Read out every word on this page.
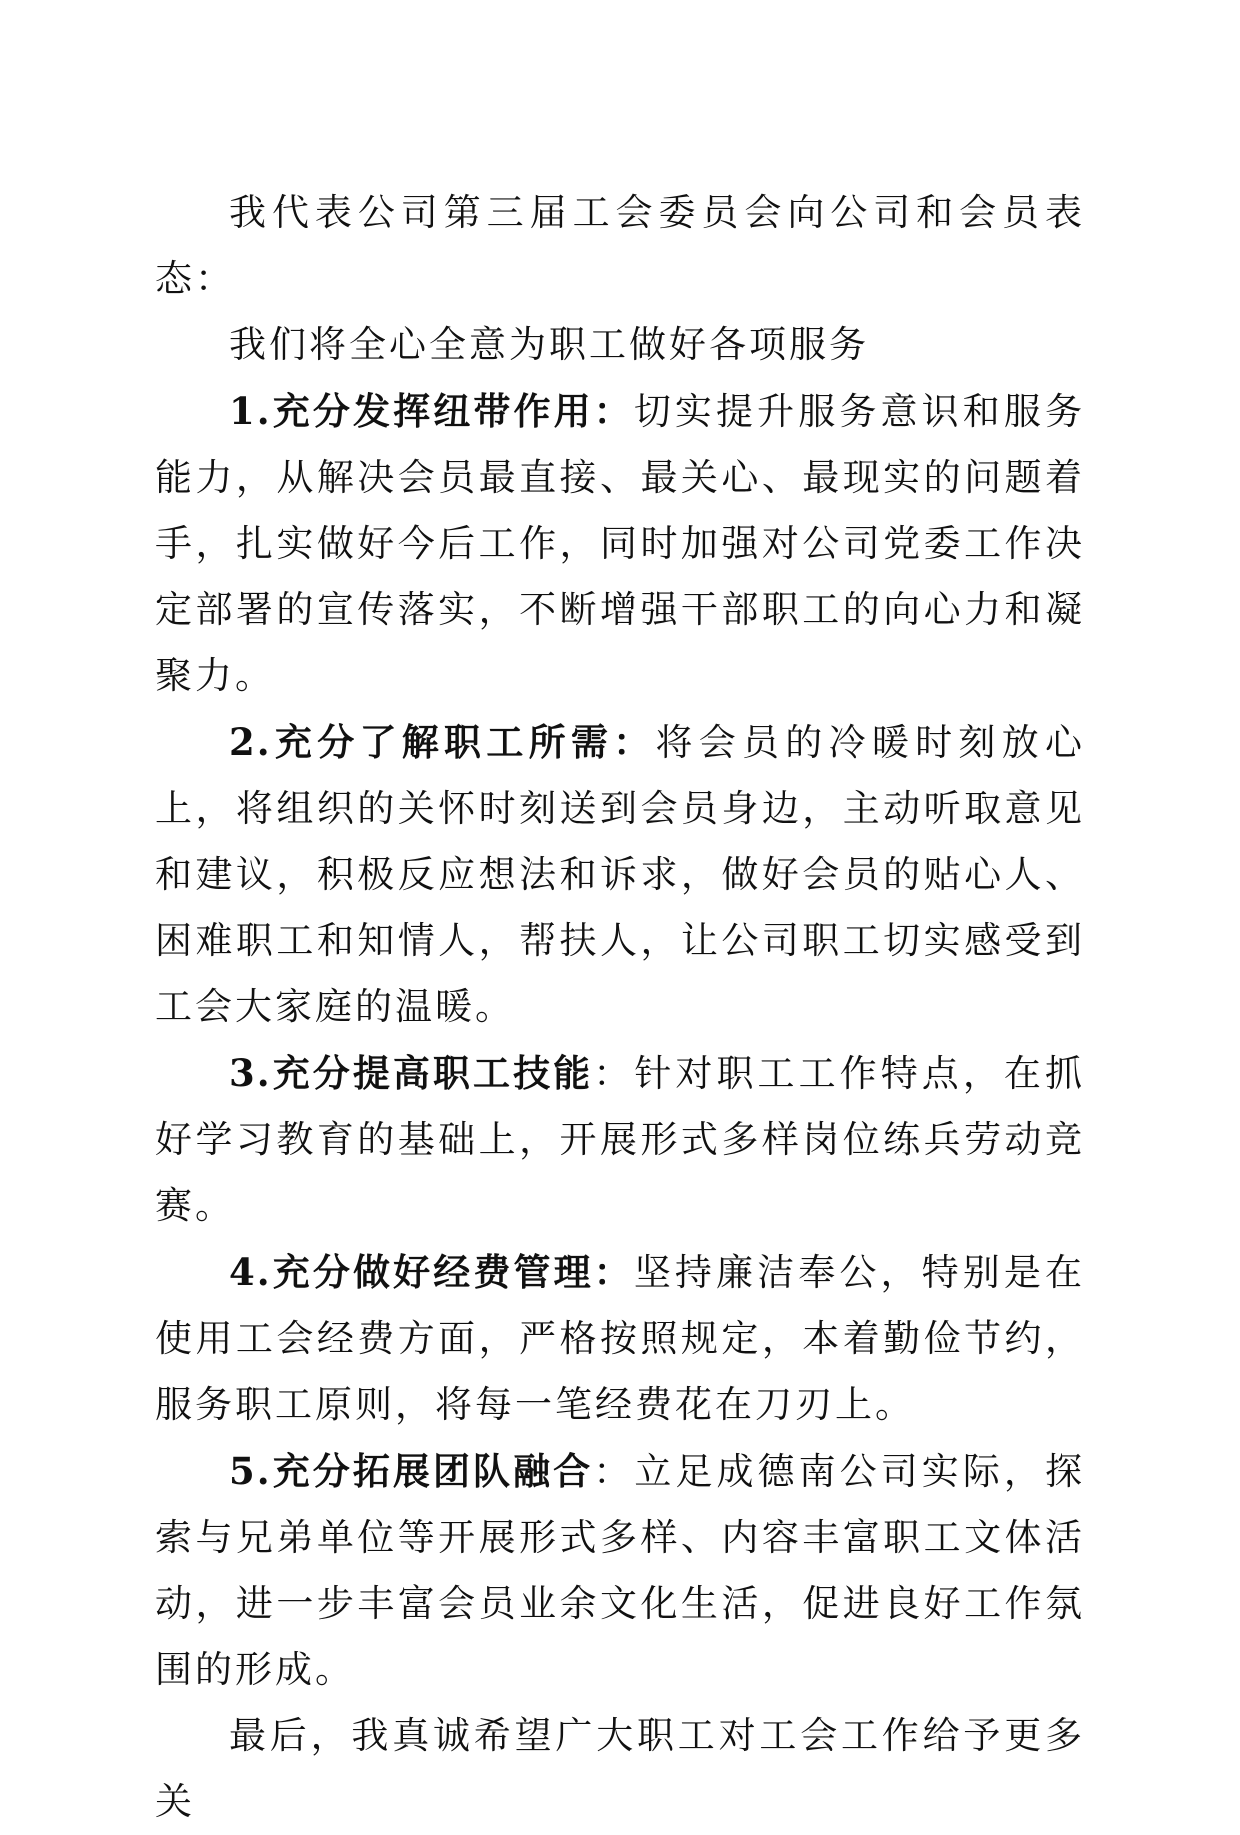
我代表公司第三届工会委员会向公司和会员表态：

我们将全心全意为职工做好各项服务

1.充分发挥纽带作用：切实提升服务意识和服务能力，从解决会员最直接、最关心、最现实的问题着手，扎实做好今后工作，同时加强对公司党委工作决定部署的宣传落实，不断增强干部职工的向心力和凝聚力。

2.充分了解职工所需：将会员的冷暖时刻放心上，将组织的关怀时刻送到会员身边，主动听取意见和建议，积极反应想法和诉求，做好会员的贴心人、困难职工和知情人，帮扶人，让公司职工切实感受到工会大家庭的温暖。

3.充分提高职工技能：针对职工工作特点，在抓好学习教育的基础上，开展形式多样岗位练兵劳动竞赛。

4.充分做好经费管理：坚持廉洁奉公，特别是在使用工会经费方面，严格按照规定，本着勤俭节约，服务职工原则，将每一笔经费花在刀刃上。

5.充分拓展团队融合：立足成德南公司实际，探索与兄弟单位等开展形式多样、内容丰富职工文体活动，进一步丰富会员业余文化生活，促进良好工作氛围的形成。

最后，我真诚希望广大职工对工会工作给予更多关
